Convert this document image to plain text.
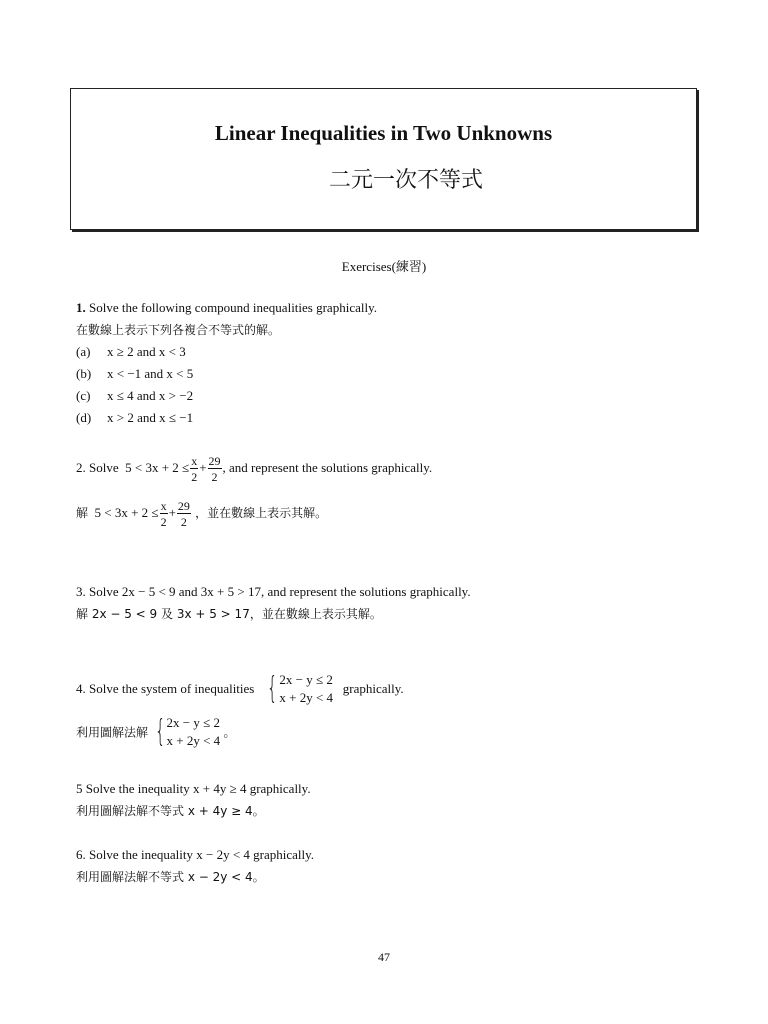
Linear Inequalities in Two Unknowns
二元一次不等式
Exercises(練習)
1. Solve the following compound inequalities graphically.
在數線上表示下列各複合不等式的解。
(a) x ≥ 2 and x < 3
(b) x < −1 and x < 5
(c) x ≤ 4 and x > −2
(d) x > 2 and x ≤ −1
2. Solve $5 < 3x + 2 \le \frac{x}{2} + \frac{29}{2}$ , and represent the solutions graphically.
解 $5 < 3x + 2 \le \frac{x}{2} + \frac{29}{2}$ ，並在數線上表示其解。
3. Solve 2x − 5 < 9 and 3x + 5 > 17, and represent the solutions graphically.
解 2x − 5 < 9 及 3x + 5 > 17，並在數線上表示其解。
4. Solve the system of inequalities { 2x − y ≤ 2
x + 2y < 4
graphically.
利用圖解法解 { 2x − y ≤ 2
x + 2y < 4
。
5 Solve the inequality x + 4y ≥ 4 graphically.
利用圖解法解不等式 x + 4y ≥ 4。
6. Solve the inequality x − 2y < 4 graphically.
利用圖解法解不等式 x − 2y < 4。
47
